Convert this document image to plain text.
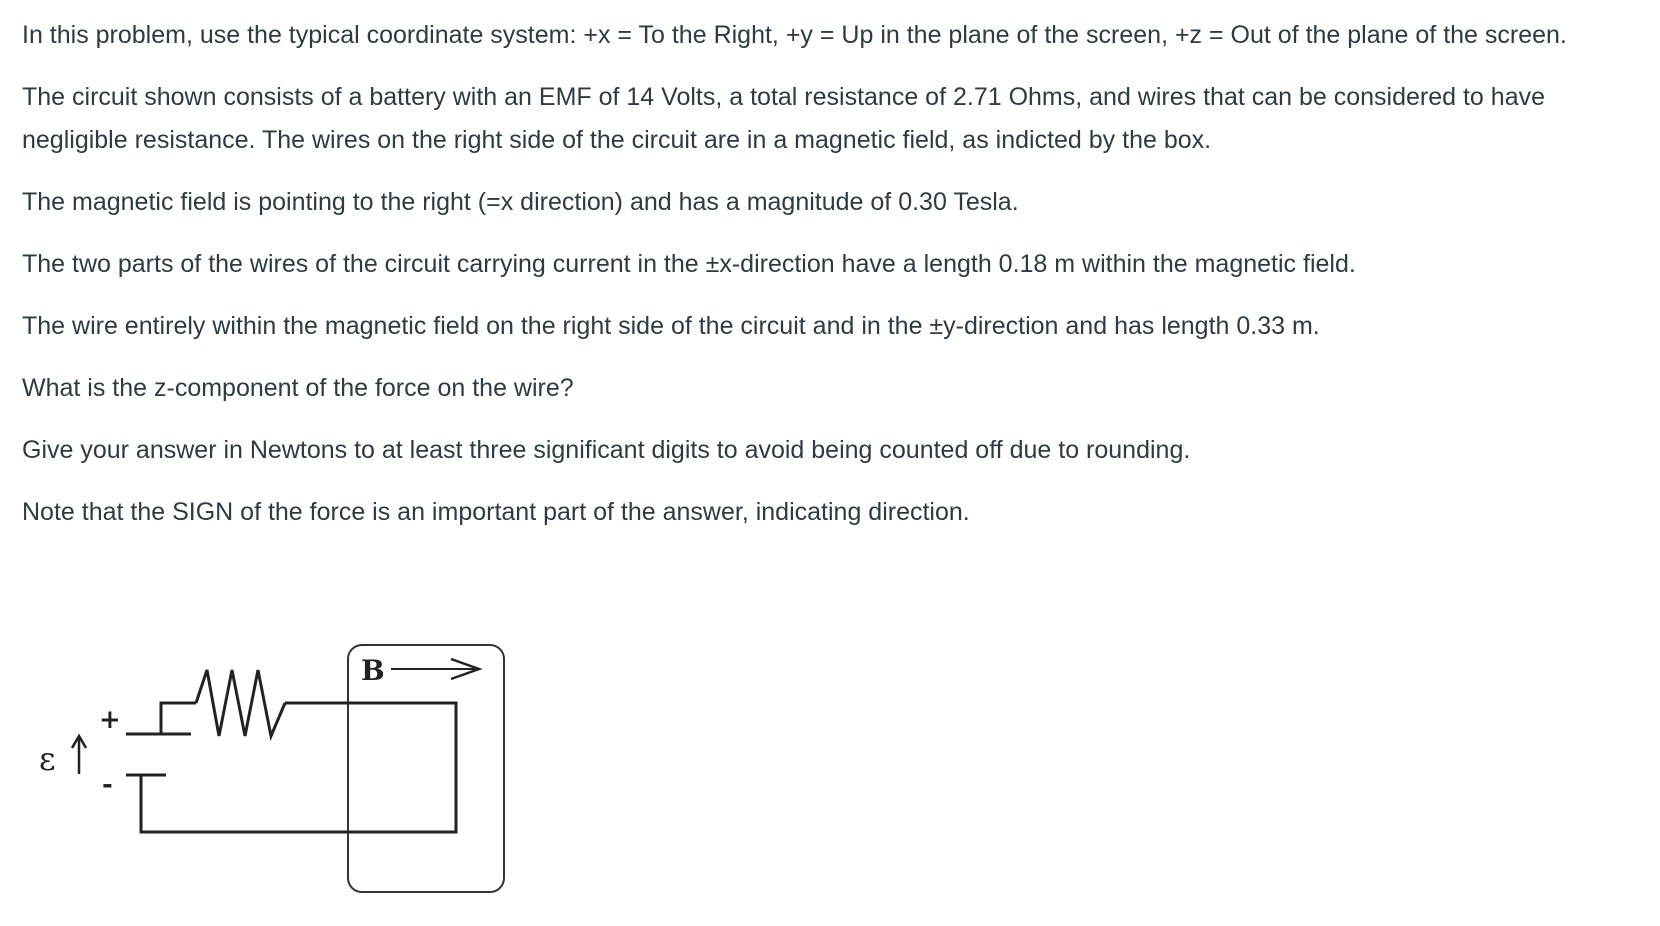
In this problem, use the typical coordinate system: +x = To the Right, +y = Up in the plane of the screen, +z = Out of the plane of the screen.

The circuit shown consists of a battery with an EMF of 14 Volts, a total resistance of 2.71 Ohms, and wires that can be considered to have negligible resistance. The wires on the right side of the circuit are in a magnetic field, as indicted by the box.

The magnetic field is pointing to the right (=x direction) and has a magnitude of 0.30 Tesla.

The two parts of the wires of the circuit carrying current in the ±x-direction have a length 0.18 m within the magnetic field.

The wire entirely within the magnetic field on the right side of the circuit and in the ±y-direction and has length 0.33 m.

What is the z-component of the force on the wire?

Give your answer in Newtons to at least three significant digits to avoid being counted off due to rounding.

Note that the SIGN of the force is an important part of the answer, indicating direction.

B
+
-
ε
